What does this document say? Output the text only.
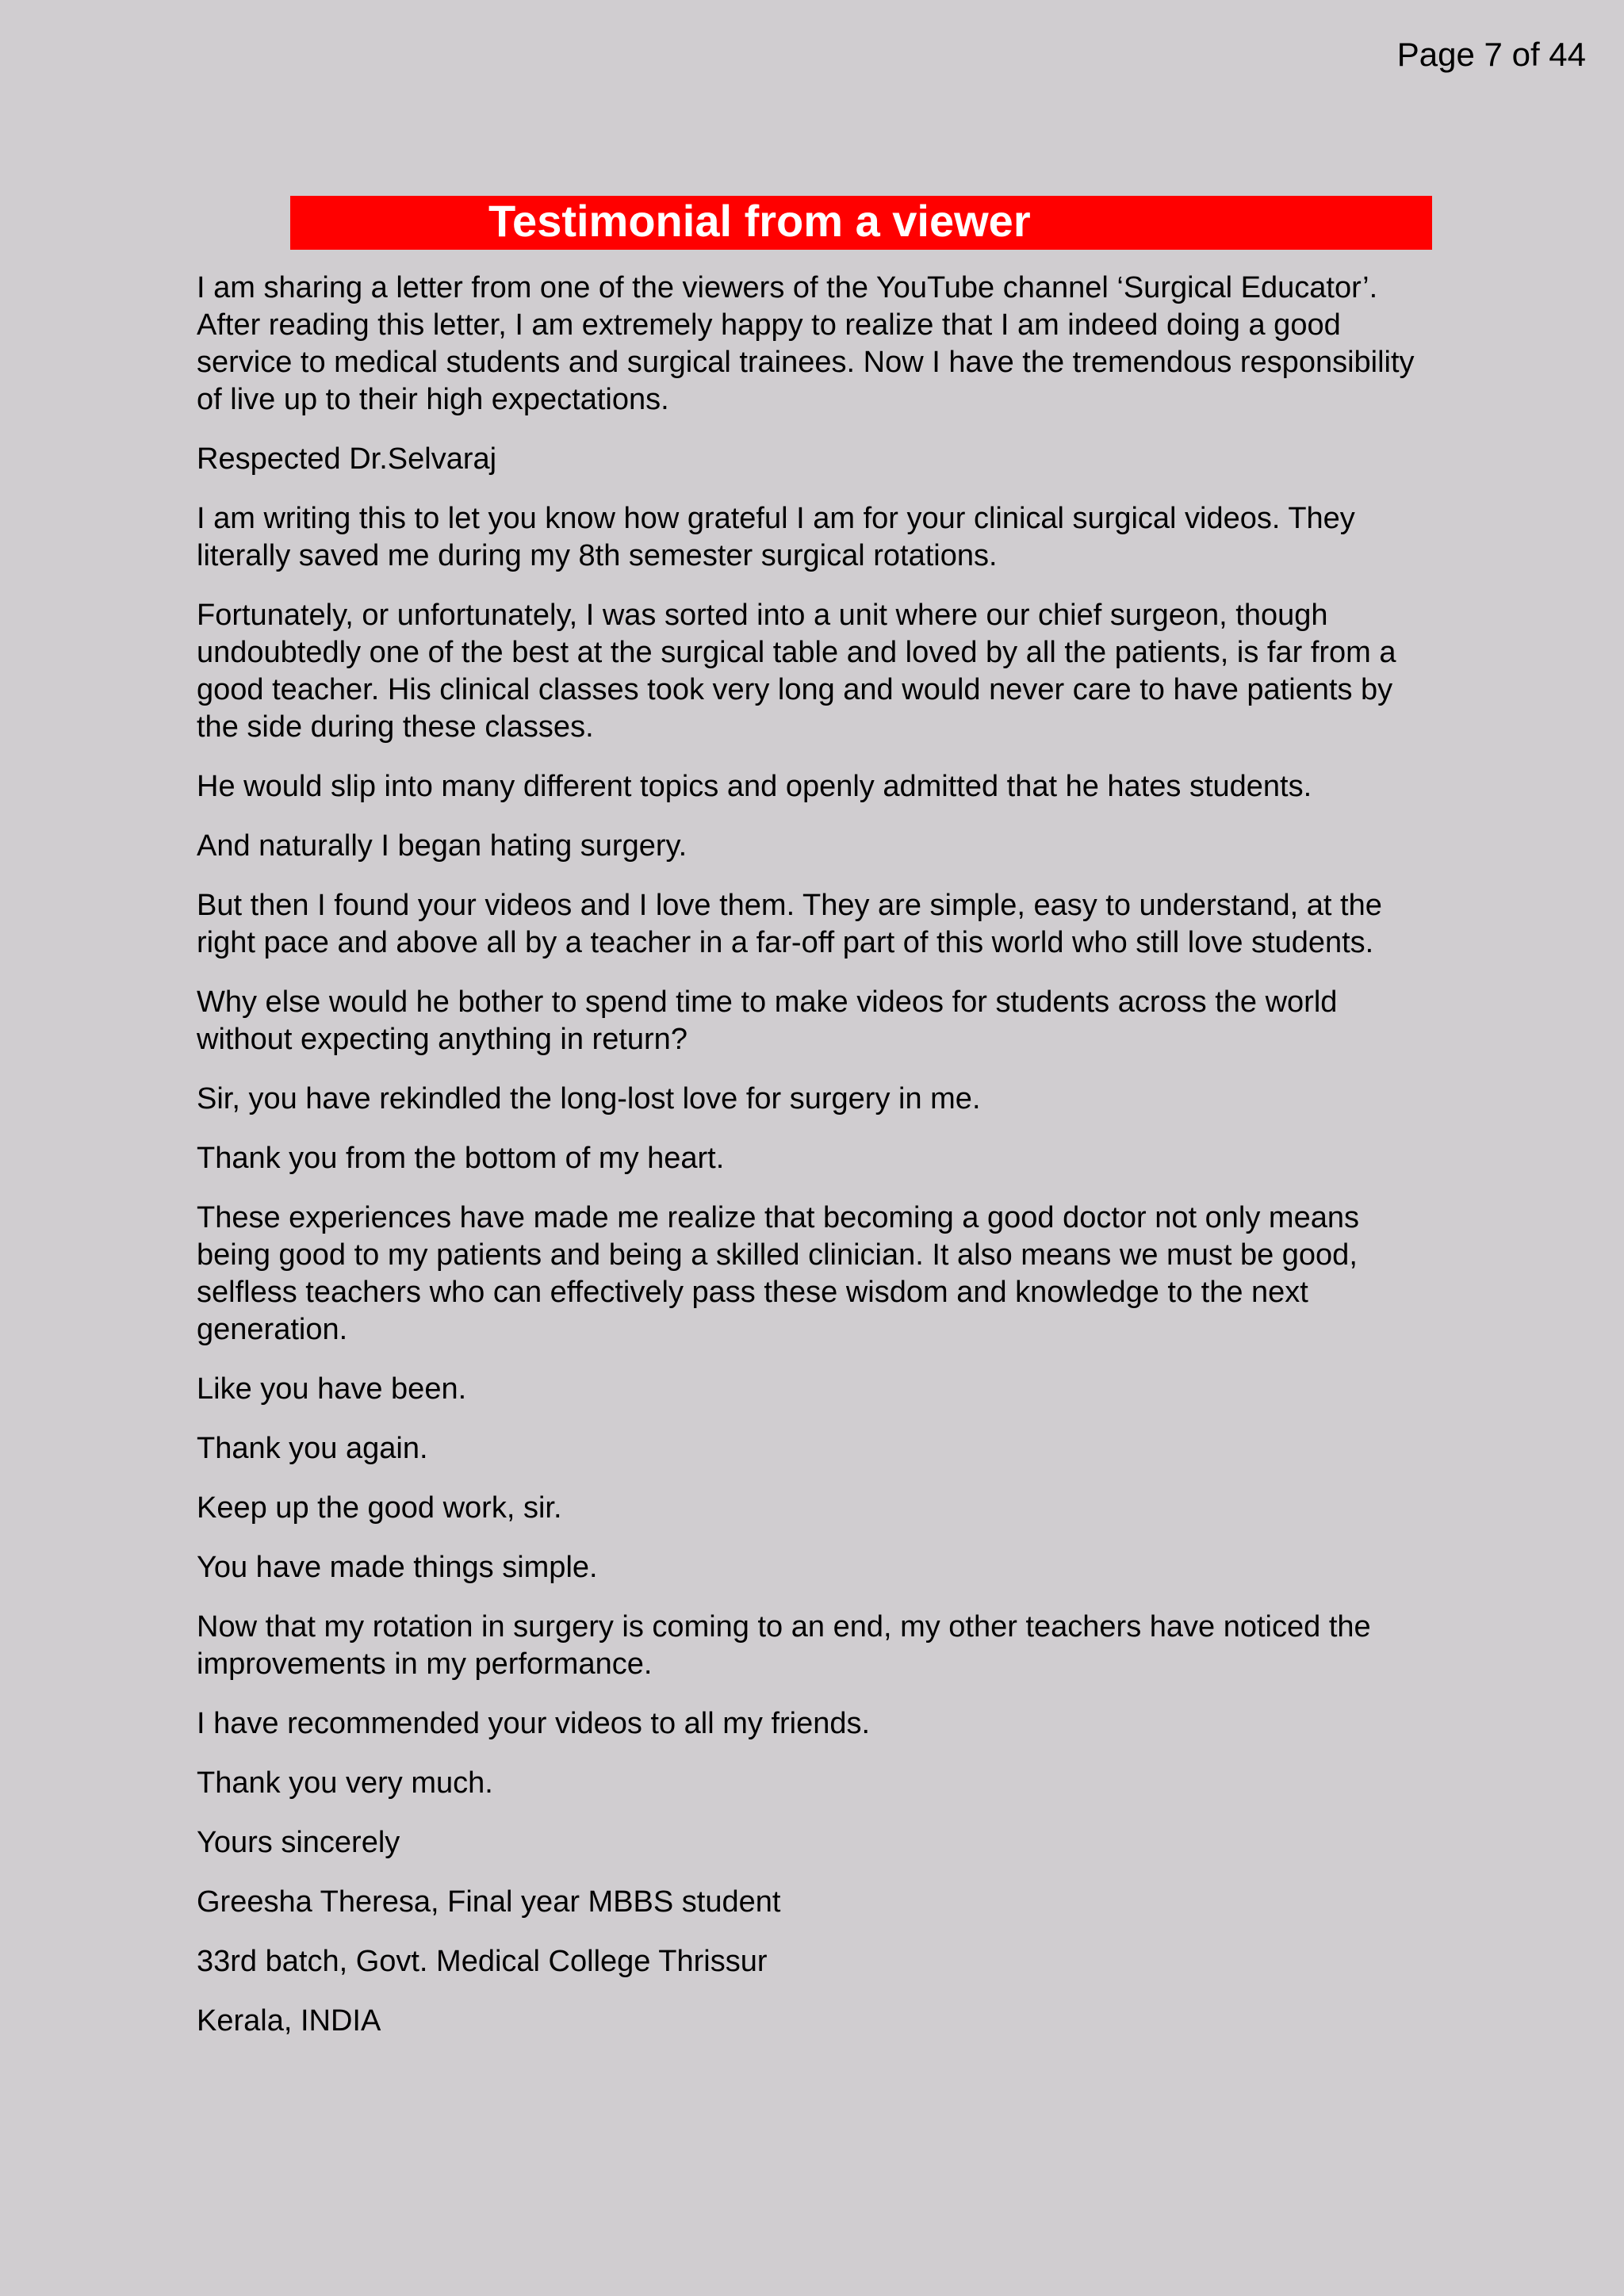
Page 7 of 44
Testimonial from a viewer

I am sharing a letter from one of the viewers of the YouTube channel ‘Surgical Educator’. After reading this letter, I am extremely happy to realize that I am indeed doing a good service to medical students and surgical trainees. Now I have the tremendous responsibility of live up to their high expectations.

Respected Dr.Selvaraj

I am writing this to let you know how grateful I am for your clinical surgical videos. They literally saved me during my 8th semester surgical rotations.

Fortunately, or unfortunately, I was sorted into a unit where our chief surgeon, though undoubtedly one of the best at the surgical table and loved by all the patients, is far from a good teacher. His clinical classes took very long and would never care to have patients by the side during these classes.

He would slip into many different topics and openly admitted that he hates students.

And naturally I began hating surgery.

But then I found your videos and I love them. They are simple, easy to understand, at the right pace and above all by a teacher in a far-off part of this world who still love students.

Why else would he bother to spend time to make videos for students across the world without expecting anything in return?

Sir, you have rekindled the long-lost love for surgery in me.

Thank you from the bottom of my heart.

These experiences have made me realize that becoming a good doctor not only means being good to my patients and being a skilled clinician. It also means we must be good, selfless teachers who can effectively pass these wisdom and knowledge to the next generation.

Like you have been.

Thank you again.

Keep up the good work, sir.

You have made things simple.

Now that my rotation in surgery is coming to an end, my other teachers have noticed the improvements in my performance.

I have recommended your videos to all my friends.

Thank you very much.

Yours sincerely

Greesha Theresa, Final year MBBS student

33rd batch, Govt. Medical College Thrissur

Kerala, INDIA
